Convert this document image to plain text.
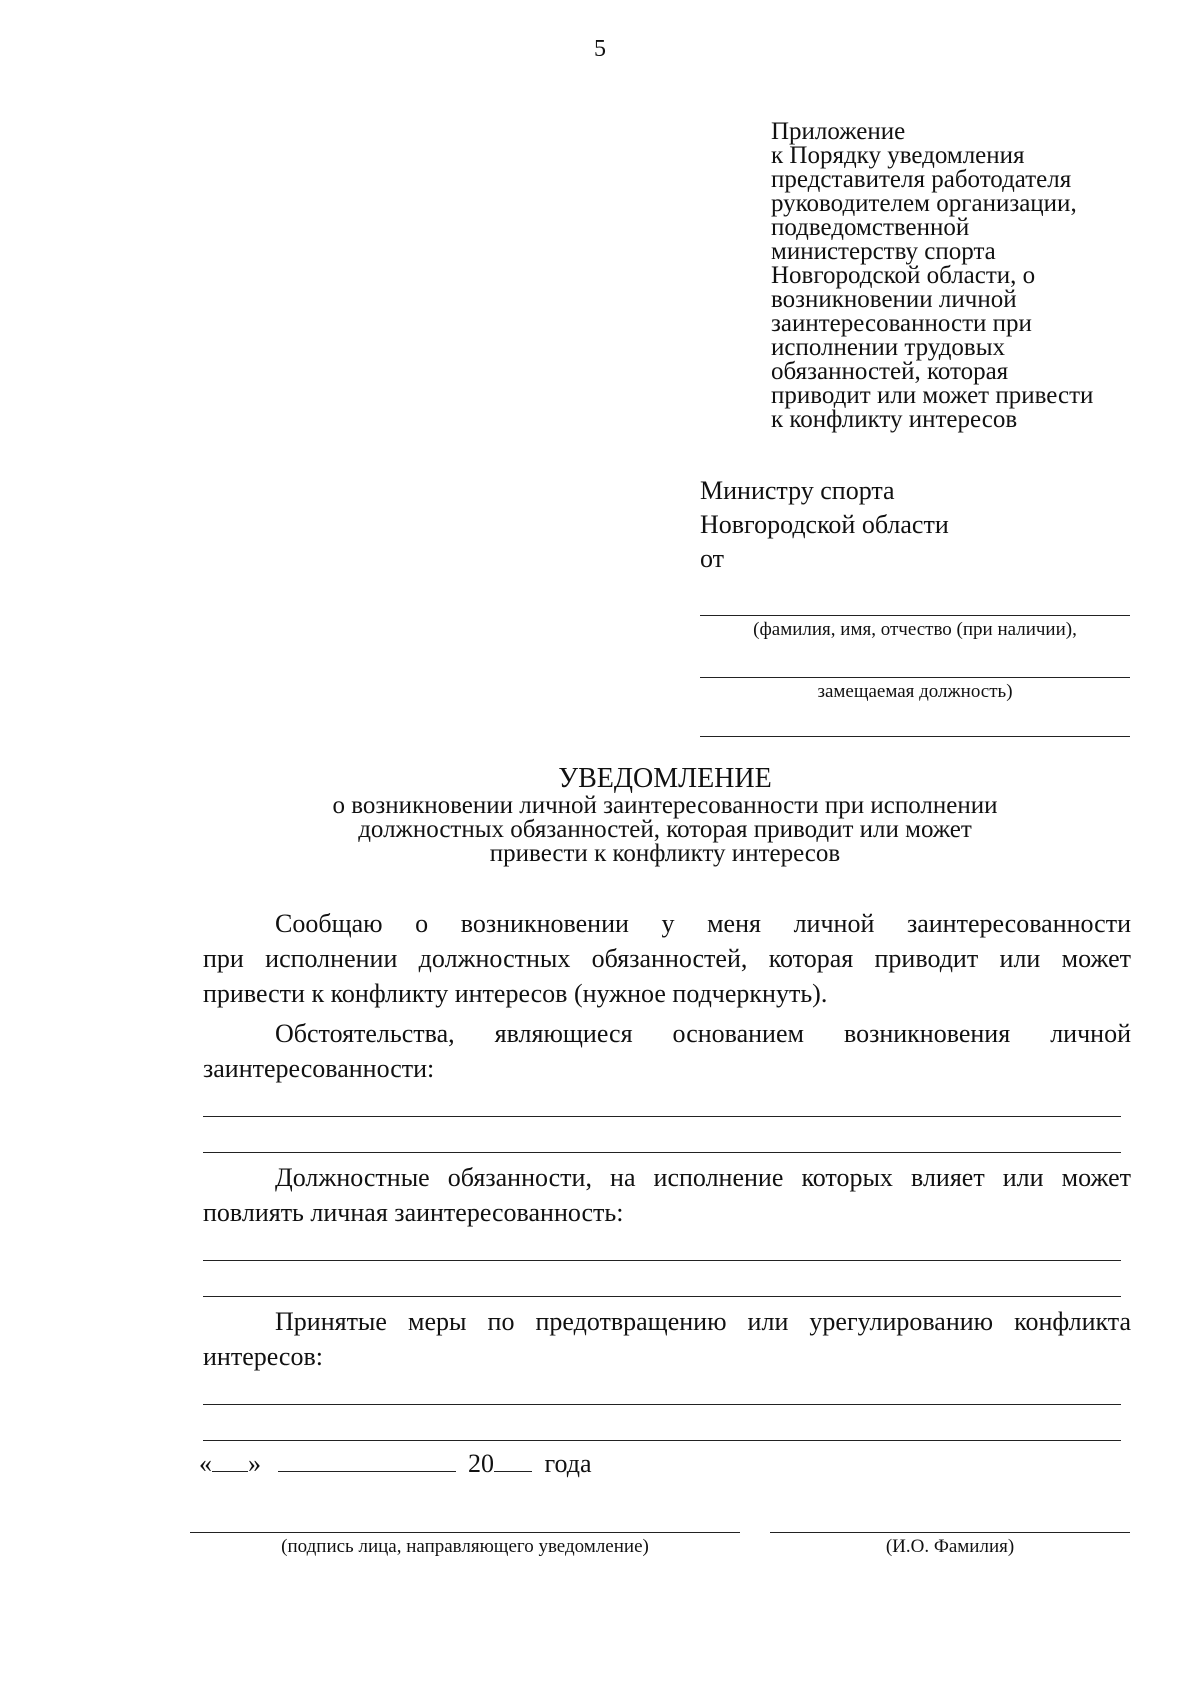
5
Приложение
к Порядку уведомления
представителя работодателя
руководителем организации,
подведомственной
министерству спорта
Новгородской области, о
возникновении личной
заинтересованности при
исполнении трудовых
обязанностей, которая
приводит или может привести
к конфликту интересов
Министру спорта
Новгородской области
от
(фамилия, имя, отчество (при наличии),
замещаемая должность)
УВЕДОМЛЕНИЕ
о возникновении личной заинтересованности при исполнении
должностных обязанностей, которая приводит или может
привести к конфликту интересов
Сообщаю о возникновении у меня личной заинтересованности
при исполнении должностных обязанностей, которая приводит или может
привести к конфликту интересов (нужное подчеркнуть).
Обстоятельства, являющиеся основанием возникновения личной
заинтересованности:
Должностные обязанности, на исполнение которых влияет или может
повлиять личная заинтересованность:
Принятые меры по предотвращению или урегулированию конфликта
интересов:
« »	20 года
(подпись лица, направляющего уведомление)	(И.О. Фамилия)
